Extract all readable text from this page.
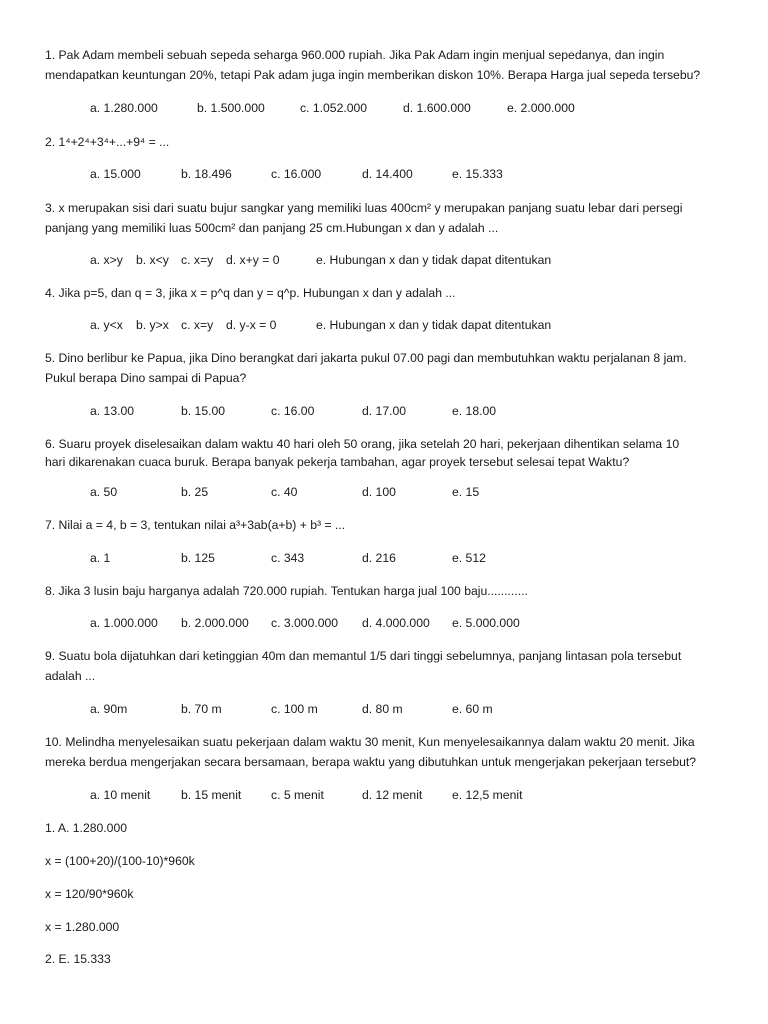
1. Pak Adam membeli sebuah sepeda seharga 960.000 rupiah. Jika Pak Adam ingin menjual sepedanya, dan ingin
mendapatkan keuntungan 20%, tetapi Pak adam juga ingin memberikan diskon 10%. Berapa Harga jual sepeda tersebu?
a. 1.280.000	b. 1.500.000	c. 1.052.000	d. 1.600.000	e. 2.000.000
2. 1⁴+2⁴+3⁴+...+9⁴ = ...
a. 15.000	b. 18.496	c. 16.000	d. 14.400	e. 15.333
3. x merupakan sisi dari suatu bujur sangkar yang memiliki luas 400cm² y merupakan panjang suatu lebar dari persegi
panjang yang memiliki luas 500cm² dan panjang 25 cm.Hubungan x dan y adalah ...
a. x>y b. x<y c. x=y d. x+y = 0	e. Hubungan x dan y tidak dapat ditentukan
4. Jika p=5, dan q = 3, jika x = p^q dan y = q^p. Hubungan x dan y adalah ...
a. y<x b. y>x c. x=y d. y-x = 0	e. Hubungan x dan y tidak dapat ditentukan
5. Dino berlibur ke Papua, jika Dino berangkat dari jakarta pukul 07.00 pagi dan membutuhkan waktu perjalanan 8 jam.
Pukul berapa Dino sampai di Papua?
a. 13.00	b. 15.00	c. 16.00	d. 17.00	e. 18.00
6. Suaru proyek diselesaikan dalam waktu 40 hari oleh 50 orang, jika setelah 20 hari, pekerjaan dihentikan selama 10
hari dikarenakan cuaca buruk. Berapa banyak pekerja tambahan, agar proyek tersebut selesai tepat Waktu?
a. 50	b. 25	c. 40	d. 100	e. 15
7. Nilai a = 4, b = 3, tentukan nilai a³+3ab(a+b) + b³ = ...
a. 1	b. 125	c. 343	d. 216	e. 512
8. Jika 3 lusin baju harganya adalah 720.000 rupiah. Tentukan harga jual 100 baju............
a. 1.000.000 b. 2.000.000 c. 3.000.000 d. 4.000.000 e. 5.000.000
9. Suatu bola dijatuhkan dari ketinggian 40m dan memantul 1/5 dari tinggi sebelumnya, panjang lintasan pola tersebut
adalah ...
a. 90m	b. 70 m	c. 100 m	d. 80 m	e. 60 m
10. Melindha menyelesaikan suatu pekerjaan dalam waktu 30 menit, Kun menyelesaikannya dalam waktu 20 menit. Jika
mereka berdua mengerjakan secara bersamaan, berapa waktu yang dibutuhkan untuk mengerjakan pekerjaan tersebut?
a. 10 menit	b. 15 menit c. 5 menit	d. 12 menit e. 12,5 menit
1. A. 1.280.000
x = (100+20)/(100-10)*960k
x = 120/90*960k
x = 1.280.000
2. E. 15.333
